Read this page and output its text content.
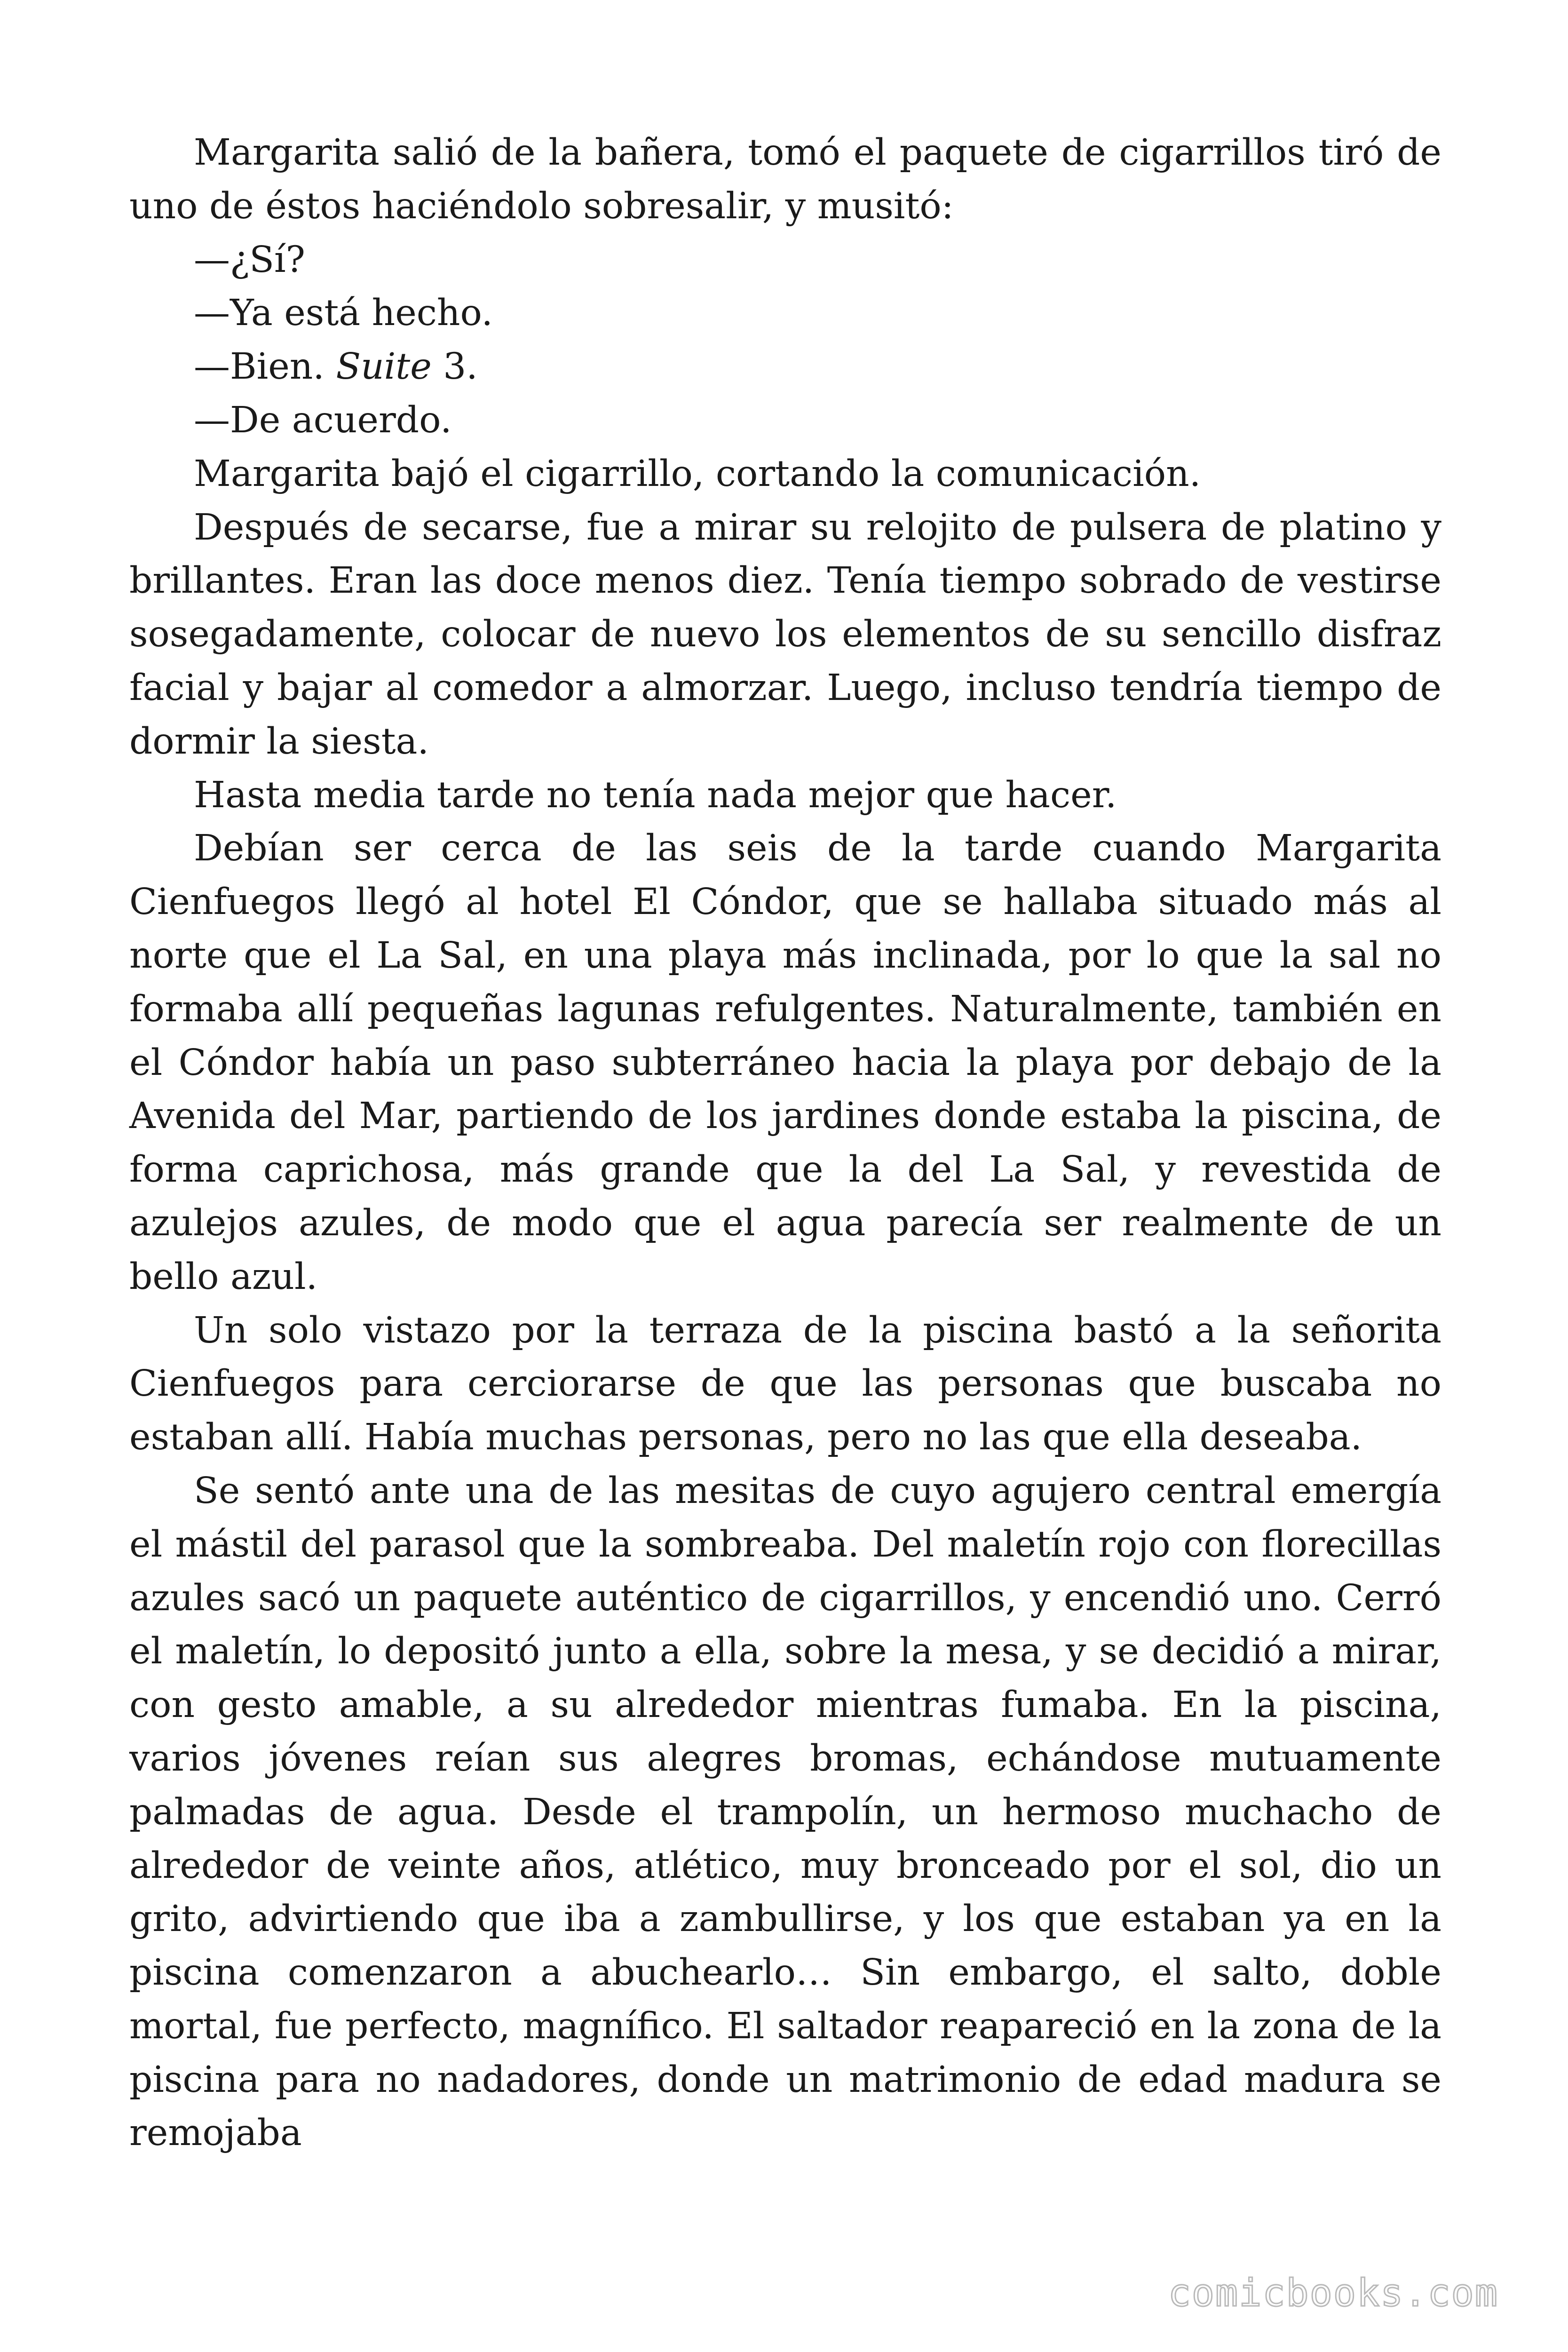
Margarita salió de la bañera, tomó el paquete de cigarrillos tiró de uno de éstos haciéndolo sobresalir, y musitó:

—¿Sí?

—Ya está hecho.

—Bien. Suite 3.

—De acuerdo.

Margarita bajó el cigarrillo, cortando la comunicación.

Después de secarse, fue a mirar su relojito de pulsera de platino y brillantes. Eran las doce menos diez. Tenía tiempo sobrado de vestirse sosegadamente, colocar de nuevo los elementos de su sencillo disfraz facial y bajar al comedor a almorzar. Luego, incluso tendría tiempo de dormir la siesta.

Hasta media tarde no tenía nada mejor que hacer.

Debían ser cerca de las seis de la tarde cuando Margarita Cienfuegos llegó al hotel El Cóndor, que se hallaba situado más al norte que el La Sal, en una playa más inclinada, por lo que la sal no formaba allí pequeñas lagunas refulgentes. Naturalmente, también en el Cóndor había un paso subterráneo hacia la playa por debajo de la Avenida del Mar, partiendo de los jardines donde estaba la piscina, de forma caprichosa, más grande que la del La Sal, y revestida de azulejos azules, de modo que el agua parecía ser realmente de un bello azul.

Un solo vistazo por la terraza de la piscina bastó a la señorita Cienfuegos para cerciorarse de que las personas que buscaba no estaban allí. Había muchas personas, pero no las que ella deseaba.

Se sentó ante una de las mesitas de cuyo agujero central emergía el mástil del parasol que la sombreaba. Del maletín rojo con florecillas azules sacó un paquete auténtico de cigarrillos, y encendió uno. Cerró el maletín, lo depositó junto a ella, sobre la mesa, y se decidió a mirar, con gesto amable, a su alrededor mientras fumaba. En la piscina, varios jóvenes reían sus alegres bromas, echándose mutuamente palmadas de agua. Desde el trampolín, un hermoso muchacho de alrededor de veinte años, atlético, muy bronceado por el sol, dio un grito, advirtiendo que iba a zambullirse, y los que estaban ya en la piscina comenzaron a abuchearlo… Sin embargo, el salto, doble mortal, fue perfecto, magnífico. El saltador reapareció en la zona de la piscina para no nadadores, donde un matrimonio de edad madura se remojaba

comicbooks.com
